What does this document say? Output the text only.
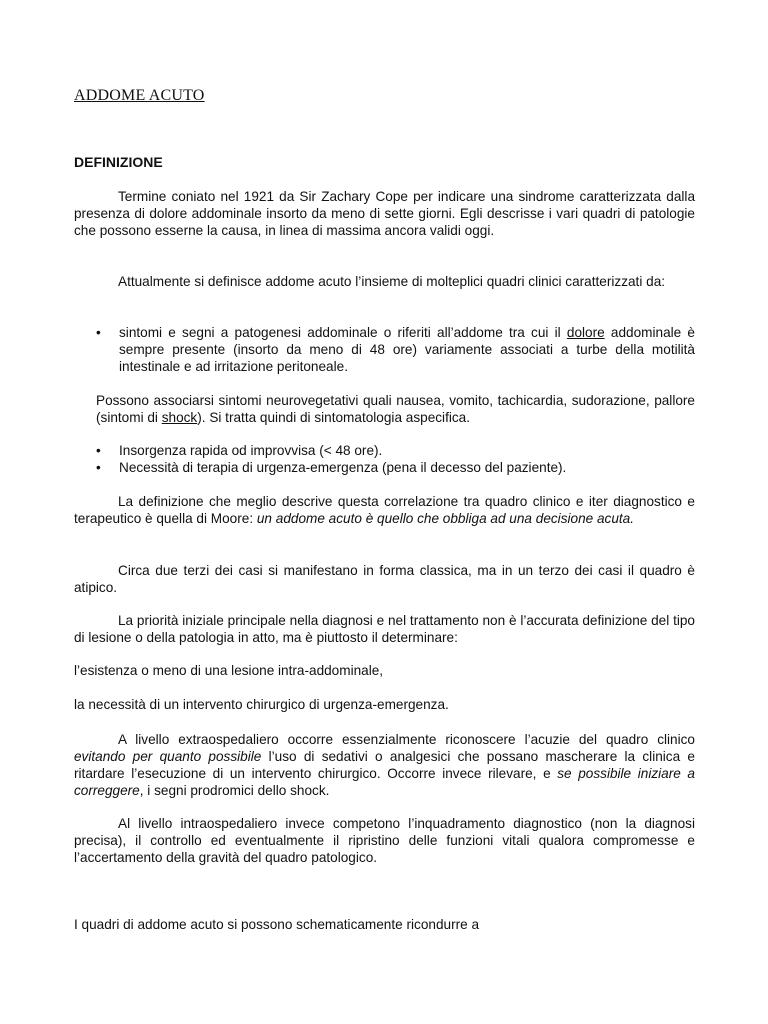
ADDOME ACUTO
DEFINIZIONE

Termine coniato nel 1921 da Sir Zachary Cope per indicare una sindrome caratterizzata dalla presenza di dolore addominale insorto da meno di sette giorni. Egli descrisse i vari quadri di patologie che possono esserne la causa, in linea di massima ancora validi oggi.

Attualmente si definisce addome acuto l’insieme di molteplici quadri clinici caratterizzati da:

• sintomi e segni a patogenesi addominale o riferiti all’addome tra cui il dolore addominale è sempre presente (insorto da meno di 48 ore) variamente associati a turbe della motilità intestinale e ad irritazione peritoneale.

Possono associarsi sintomi neurovegetativi quali nausea, vomito, tachicardia, sudorazione, pallore (sintomi di shock). Si tratta quindi di sintomatologia aspecifica.

• Insorgenza rapida od improvvisa (< 48 ore).
• Necessità di terapia di urgenza-emergenza (pena il decesso del paziente).

La definizione che meglio descrive questa correlazione tra quadro clinico e iter diagnostico e terapeutico è quella di Moore: un addome acuto è quello che obbliga ad una decisione acuta.

Circa due terzi dei casi si manifestano in forma classica, ma in un terzo dei casi il quadro è atipico.

La priorità iniziale principale nella diagnosi e nel trattamento non è l’accurata definizione del tipo di lesione o della patologia in atto, ma è piuttosto il determinare:

l’esistenza o meno di una lesione intra-addominale,

la necessità di un intervento chirurgico di urgenza-emergenza.

A livello extraospedaliero occorre essenzialmente riconoscere l’acuzie del quadro clinico evitando per quanto possibile l’uso di sedativi o analgesici che possano mascherare la clinica e ritardare l’esecuzione di un intervento chirurgico. Occorre invece rilevare, e se possibile iniziare a correggere, i segni prodromici dello shock.

Al livello intraospedaliero invece competono l’inquadramento diagnostico (non la diagnosi precisa), il controllo ed eventualmente il ripristino delle funzioni vitali qualora compromesse e l’accertamento della gravità del quadro patologico.

I quadri di addome acuto si possono schematicamente ricondurre a
